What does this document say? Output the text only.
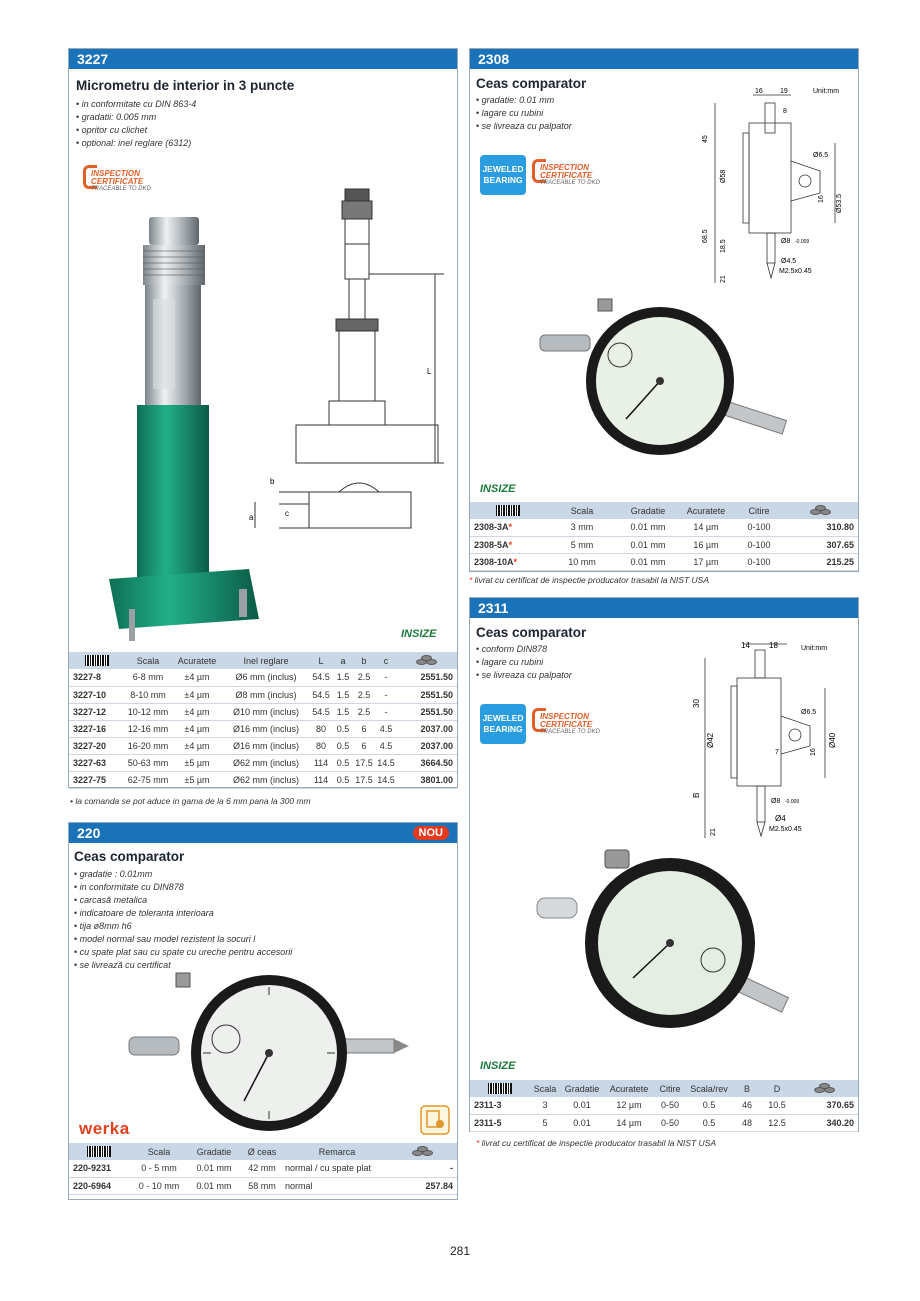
3227
Micrometru de interior in 3 puncte
• in conformitate cu DIN 863-4
• gradatii: 0.005 mm
• opritor cu clichet
• optional: inel reglare (6312)
INSPECTION
CERTIFICATE
TRACEABLE TO DKD
L
b
a	c
INSIZE
	Scala	Acuratete	Inel reglare	L	a	b	c	

3227-8	6-8 mm	±4 µm	Ø6 mm (inclus)	54.5	1.5	2.5	-	2551.50
3227-10	8-10 mm	±4 µm	Ø8 mm (inclus)	54.5	1.5	2.5	-	2551.50
3227-12	10-12 mm	±4 µm	Ø10 mm (inclus)	54.5	1.5	2.5	-	2551.50
3227-16	12-16 mm	±4 µm	Ø16 mm (inclus)	80	0.5	6	4.5	2037.00
3227-20	16-20 mm	±4 µm	Ø16 mm (inclus)	80	0.5	6	4.5	2037.00
3227-63	50-63 mm	±5 µm	Ø62 mm (inclus)	114	0.5	17.5	14.5	3664.50
3227-75	62-75 mm	±5 µm	Ø62 mm (inclus)	114	0.5	17.5	14.5	3801.00
• la comanda se pot aduce in gama de la 6 mm pana la 300 mm
220	NOU
Ceas comparator
• gradatie : 0.01mm
• in conformitate cu DIN878
• carcasă metalica
• indicatoare de toleranta interioara
• tija ø8mm h6
• model normal sau model rezistent la socuri l
• cu spate plat sau cu spate cu ureche pentru accesorii
• se livrează cu certificat
werka
	Scala	Gradatie	Ø ceas	Remarca	

220-9231	0 - 5 mm	0.01 mm	42 mm	normal / cu spate plat	-
220-6964	0 - 10 mm	0.01 mm	58 mm	normal	257.84
2308
Ceas comparator
• gradatie: 0.01 mm
• lagare cu rubini
• se livreaza cu palpator
JEWELED
BEARING
INSPECTION
CERTIFICATE
TRACEABLE TO DKD
Unit:mm
16 19
8
45
Ø58
Ø6.5
16 Ø53.5
68.5
18.5	Ø8 -0.009
Ø4.5
M2.5x0.45
21
INSIZE
	Scala	Gradatie	Acuratete	Citire	

2308-3A*	3 mm	0.01 mm	14 µm	0-100	310.80
2308-5A*	5 mm	0.01 mm	16 µm	0-100	307.65
2308-10A*	10 mm	0.01 mm	17 µm	0-100	215.25
* livrat cu certificat de inspectie producator trasabil la NIST USA
2311
Ceas comparator
• conform DIN878
• lagare cu rubini
• se livreaza cu palpator
JEWELED
BEARING
INSPECTION
CERTIFICATE
TRACEABLE TO DKD
Unit:mm
14 18
30
Ø42
Ø6.5
16
Ø40
7
B
Ø8 -0.009
Ø4
M2.5x0.45
21
INSIZE
	Scala	Gradatie	Acuratete	Citire	Scala/rev	B	D	

2311-3	3	0.01	12 µm	0-50	0.5	46	10.5	370.65
2311-5	5	0.01	14 µm	0-50	0.5	48	12.5	340.20
* livrat cu certificat de inspectie producator trasabil la NIST USA
281
